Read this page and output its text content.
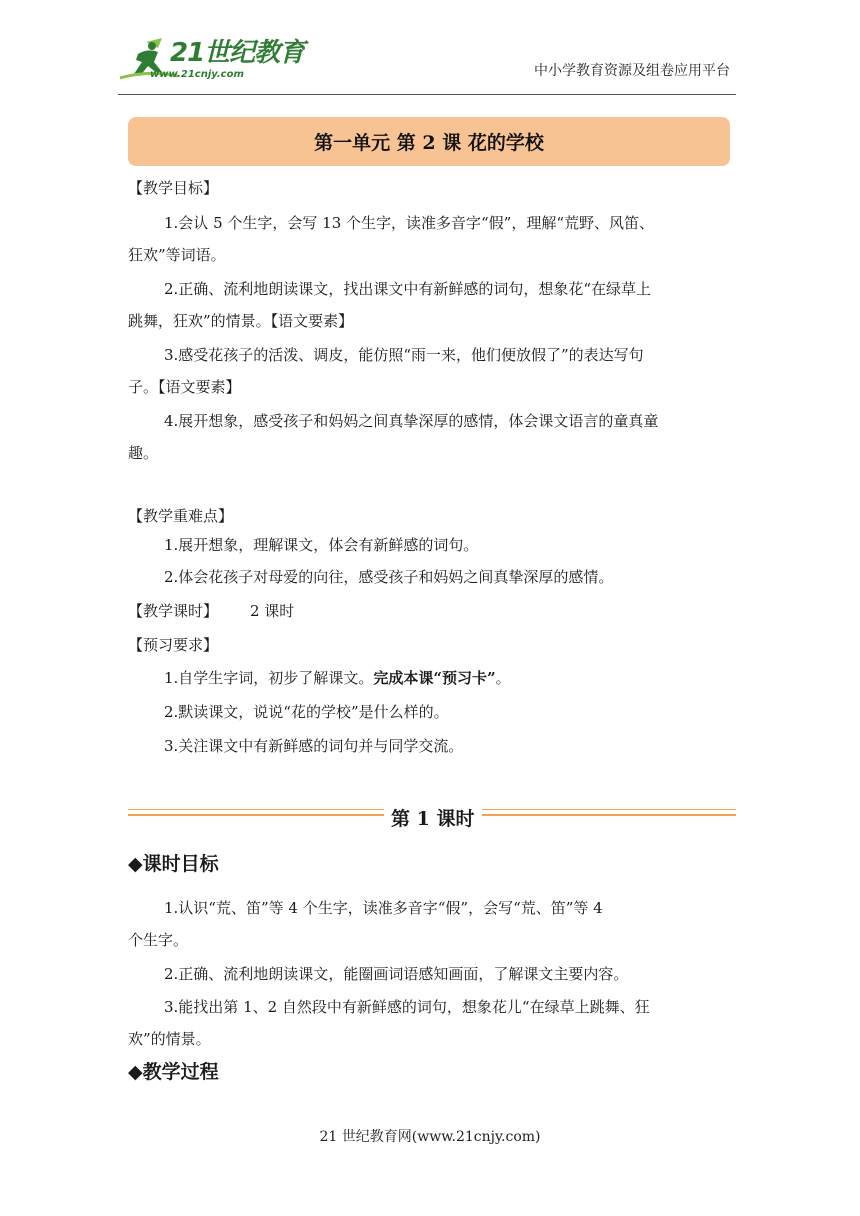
21世纪教育
www.21cnjy.com	中小学教育资源及组卷应用平台
第一单元 第 2 课 花的学校
【教学目标】
1.会认 5 个生字，会写 13 个生字，读准多音字“假”，理解“荒野、风笛、
狂欢”等词语。
2.正确、流利地朗读课文，找出课文中有新鲜感的词句，想象花“在绿草上
跳舞，狂欢”的情景。【语文要素】
3.感受花孩子的活泼、调皮，能仿照“雨一来，他们便放假了”的表达写句
子。【语文要素】
4.展开想象，感受孩子和妈妈之间真挚深厚的感情，体会课文语言的童真童
趣。
【教学重难点】
1.展开想象，理解课文，体会有新鲜感的词句。
2.体会花孩子对母爱的向往，感受孩子和妈妈之间真挚深厚的感情。
【教学课时】 2 课时
【预习要求】
1.自学生字词，初步了解课文。完成本课“预习卡”。
2.默读课文，说说“花的学校”是什么样的。
3.关注课文中有新鲜感的词句并与同学交流。
第 1 课时
◆课时目标
1.认识“荒、笛”等 4 个生字，读准多音字“假”，会写“荒、笛”等 4
个生字。
2.正确、流利地朗读课文，能圈画词语感知画面，了解课文主要内容。
3.能找出第 1、2 自然段中有新鲜感的词句，想象花儿“在绿草上跳舞、狂
欢”的情景。
◆教学过程
21 世纪教育网(www.21cnjy.com)
